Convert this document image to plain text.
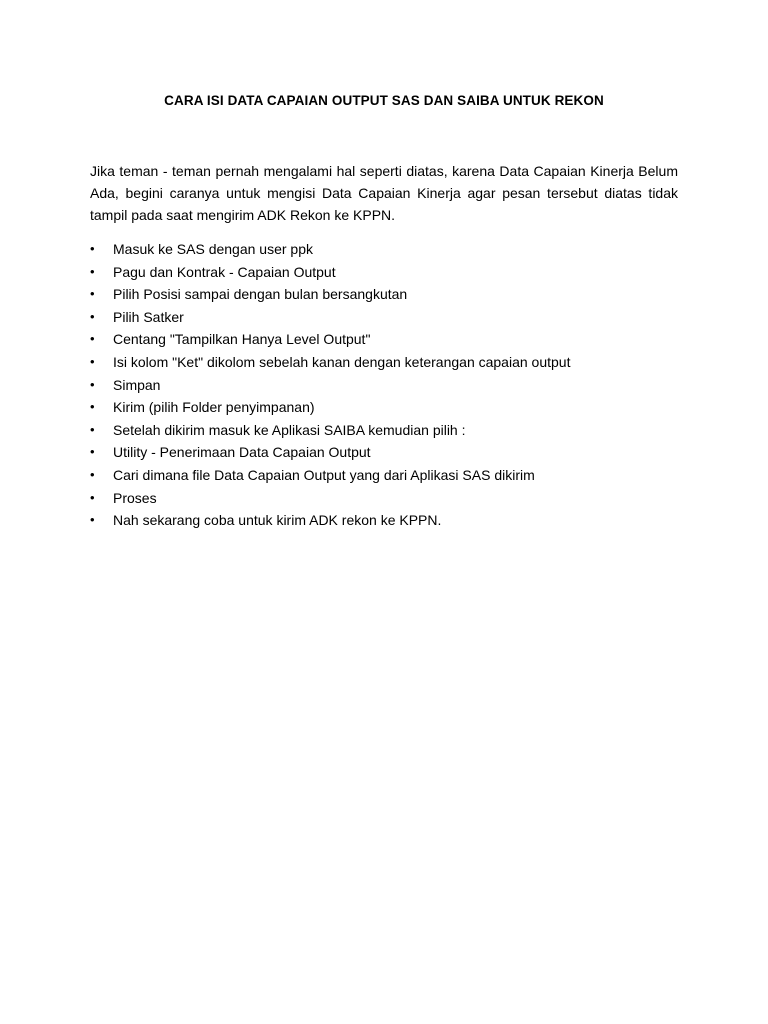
CARA ISI DATA CAPAIAN OUTPUT SAS DAN SAIBA UNTUK REKON
Jika teman - teman pernah mengalami hal seperti diatas, karena Data Capaian Kinerja Belum Ada, begini caranya untuk mengisi Data Capaian Kinerja agar pesan tersebut diatas tidak tampil pada saat mengirim ADK Rekon ke KPPN.
• Masuk ke SAS dengan user ppk
• Pagu dan Kontrak - Capaian Output
• Pilih Posisi sampai dengan bulan bersangkutan
• Pilih Satker
• Centang "Tampilkan Hanya Level Output"
• Isi kolom "Ket" dikolom sebelah kanan dengan keterangan capaian output
• Simpan
• Kirim (pilih Folder penyimpanan)
• Setelah dikirim masuk ke Aplikasi SAIBA kemudian pilih :
• Utility - Penerimaan Data Capaian Output
• Cari dimana file Data Capaian Output yang dari Aplikasi SAS dikirim
• Proses
• Nah sekarang coba untuk kirim ADK rekon ke KPPN.
